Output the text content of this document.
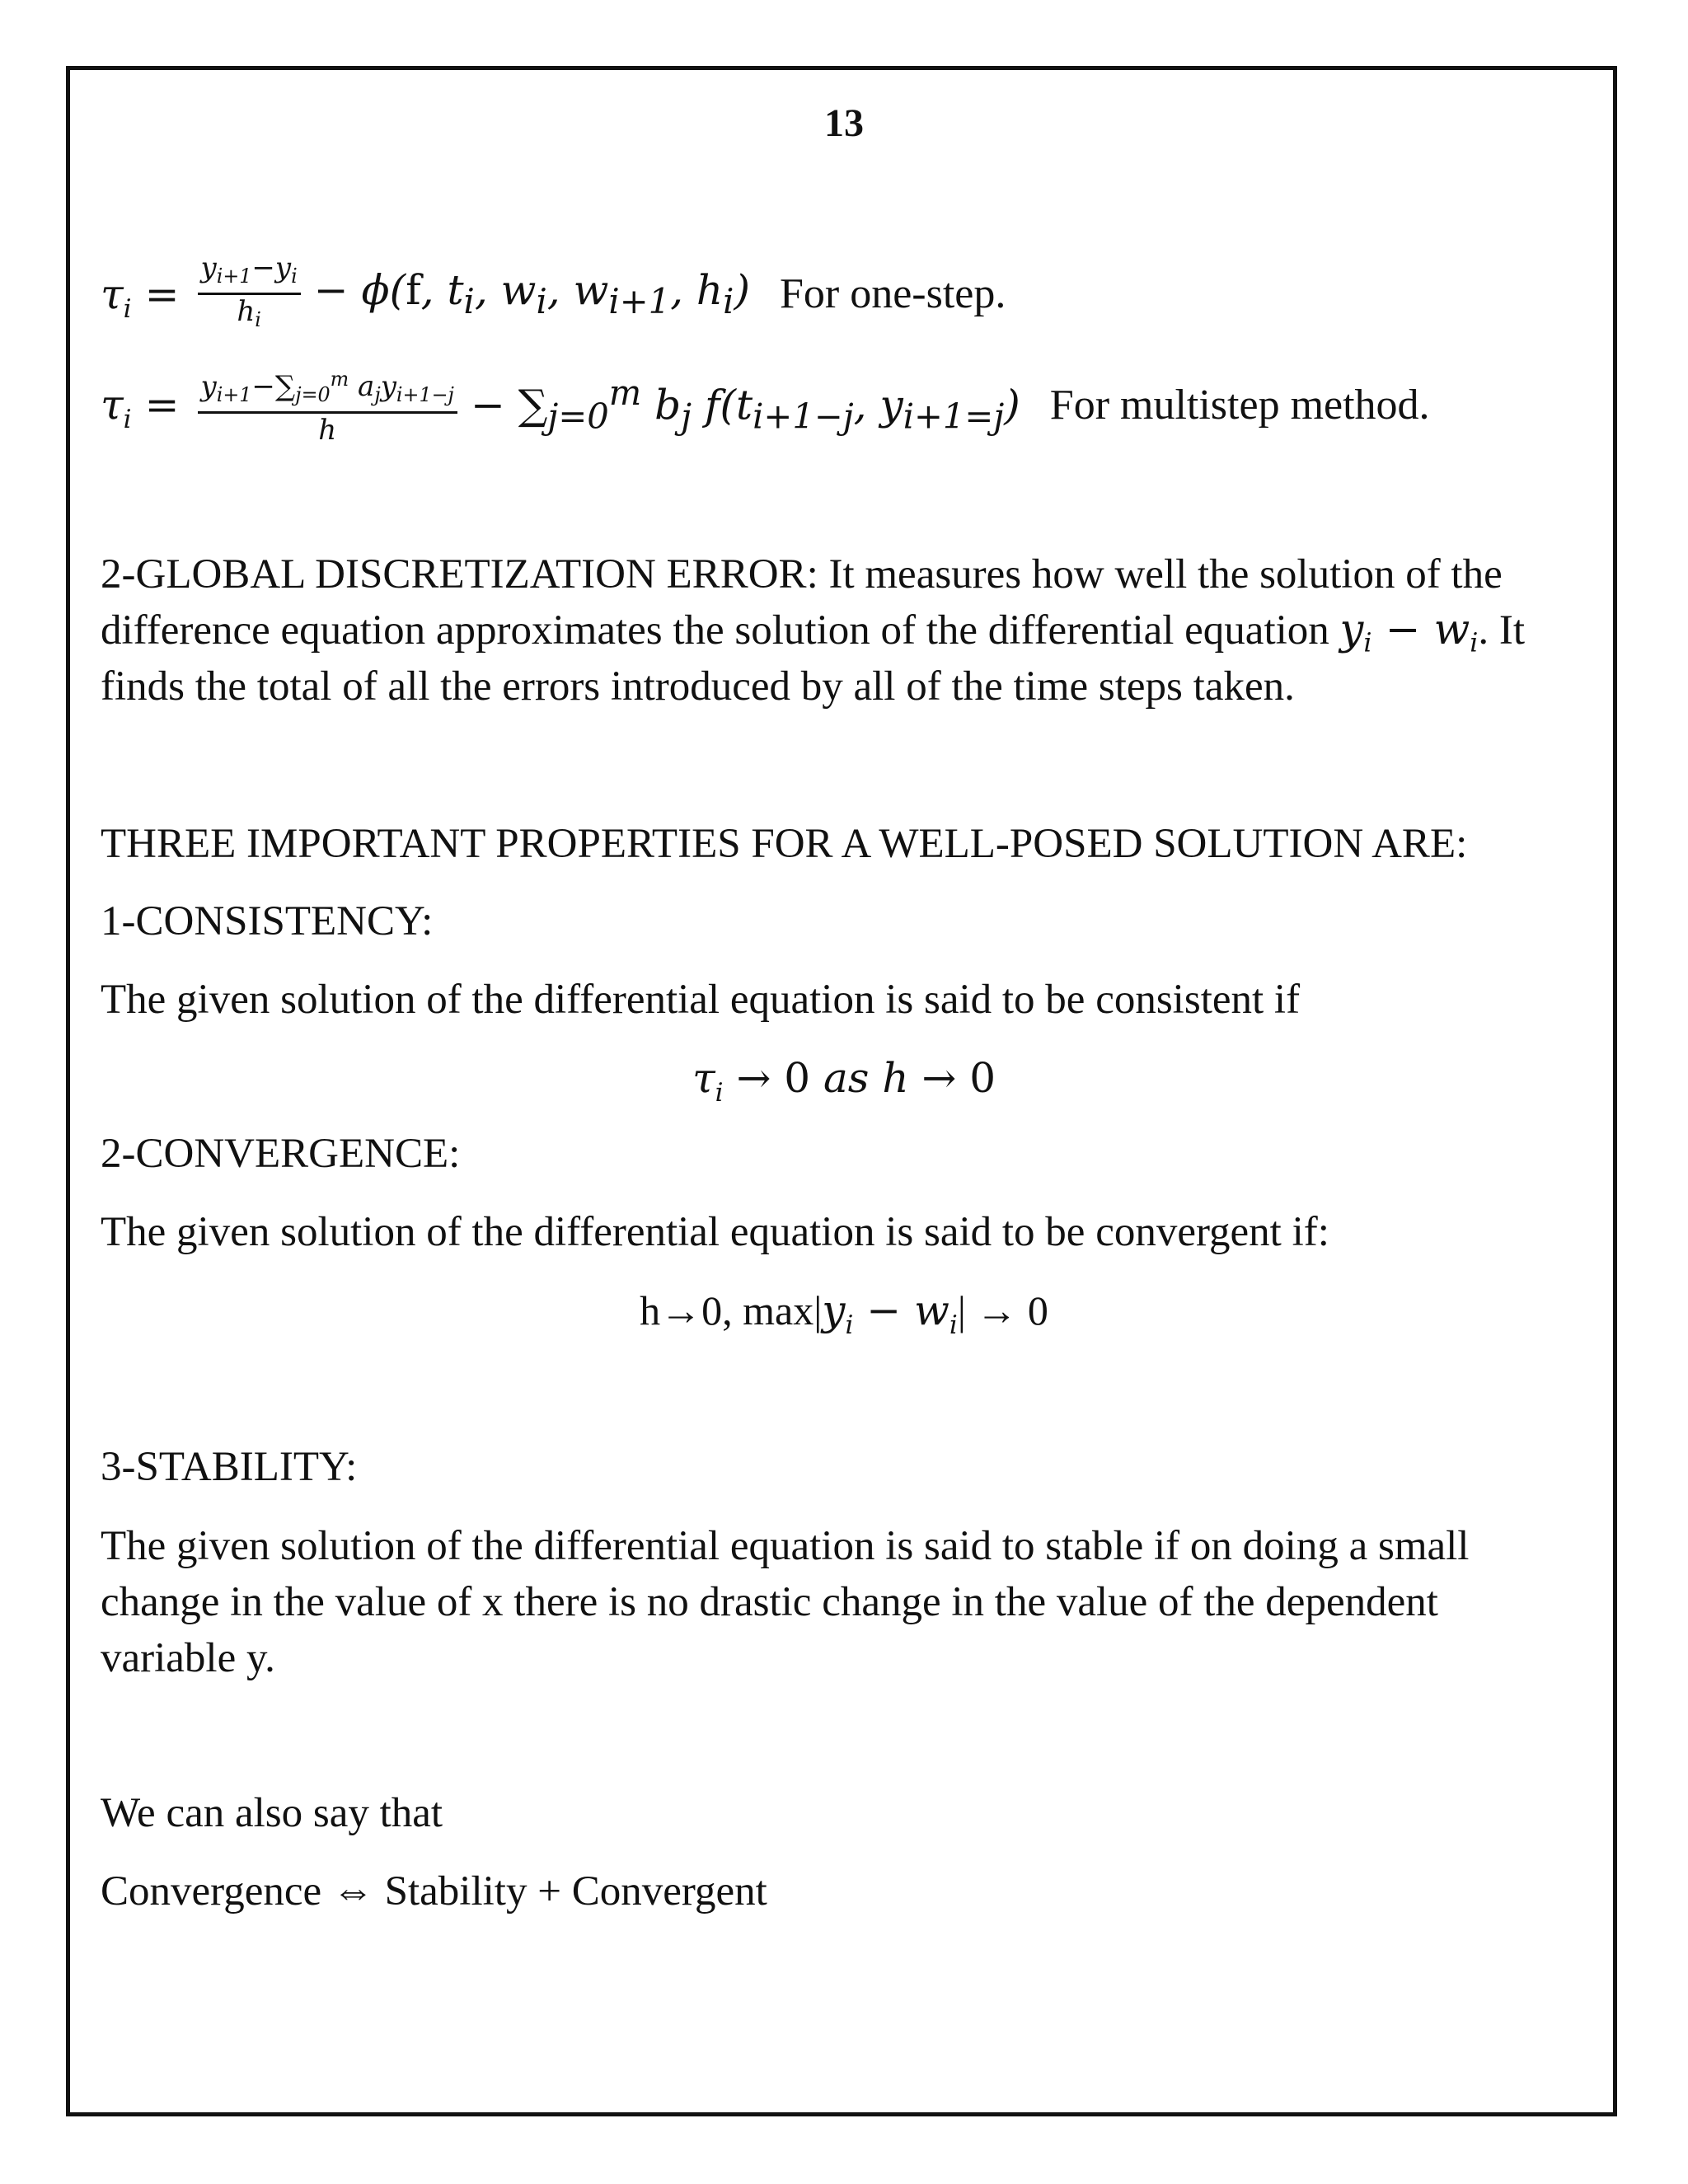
13
$\tau_i = \frac{y_{i+1}-y_i}{h_i} - \phi(f$, $t_i$, $w_i$, $w_{i+1}$, $h_i$) For one-step.
$\tau_i = \frac{y_{i+1}-\sum_{j=0}^m a_jy_{i+1-j}}{h} - \sum_{j=0}^m$ $b_j$ $f(t_{i+1-j}$, $y_{i+1=j}$) For multistep method.
2-GLOBAL DISCRETIZATION ERROR: It measures how well the solution of the difference equation approximates the solution of the differential equation $y_i - w_i$. It finds the total of all the errors introduced by all of the time steps taken.
THREE IMPORTANT PROPERTIES FOR A WELL-POSED SOLUTION ARE:
1-CONSISTENCY:
The given solution of the differential equation is said to be consistent if
$\tau_i \to 0$ as h → 0
2-CONVERGENCE:
The given solution of the differential equation is said to be convergent if:
h→0, $\max|y_i - w_i| \to 0$
3-STABILITY:
The given solution of the differential equation is said to stable if on doing a small change in the value of x there is no drastic change in the value of the dependent variable y.
We can also say that
Convergence ⇔ Stability + Convergent
